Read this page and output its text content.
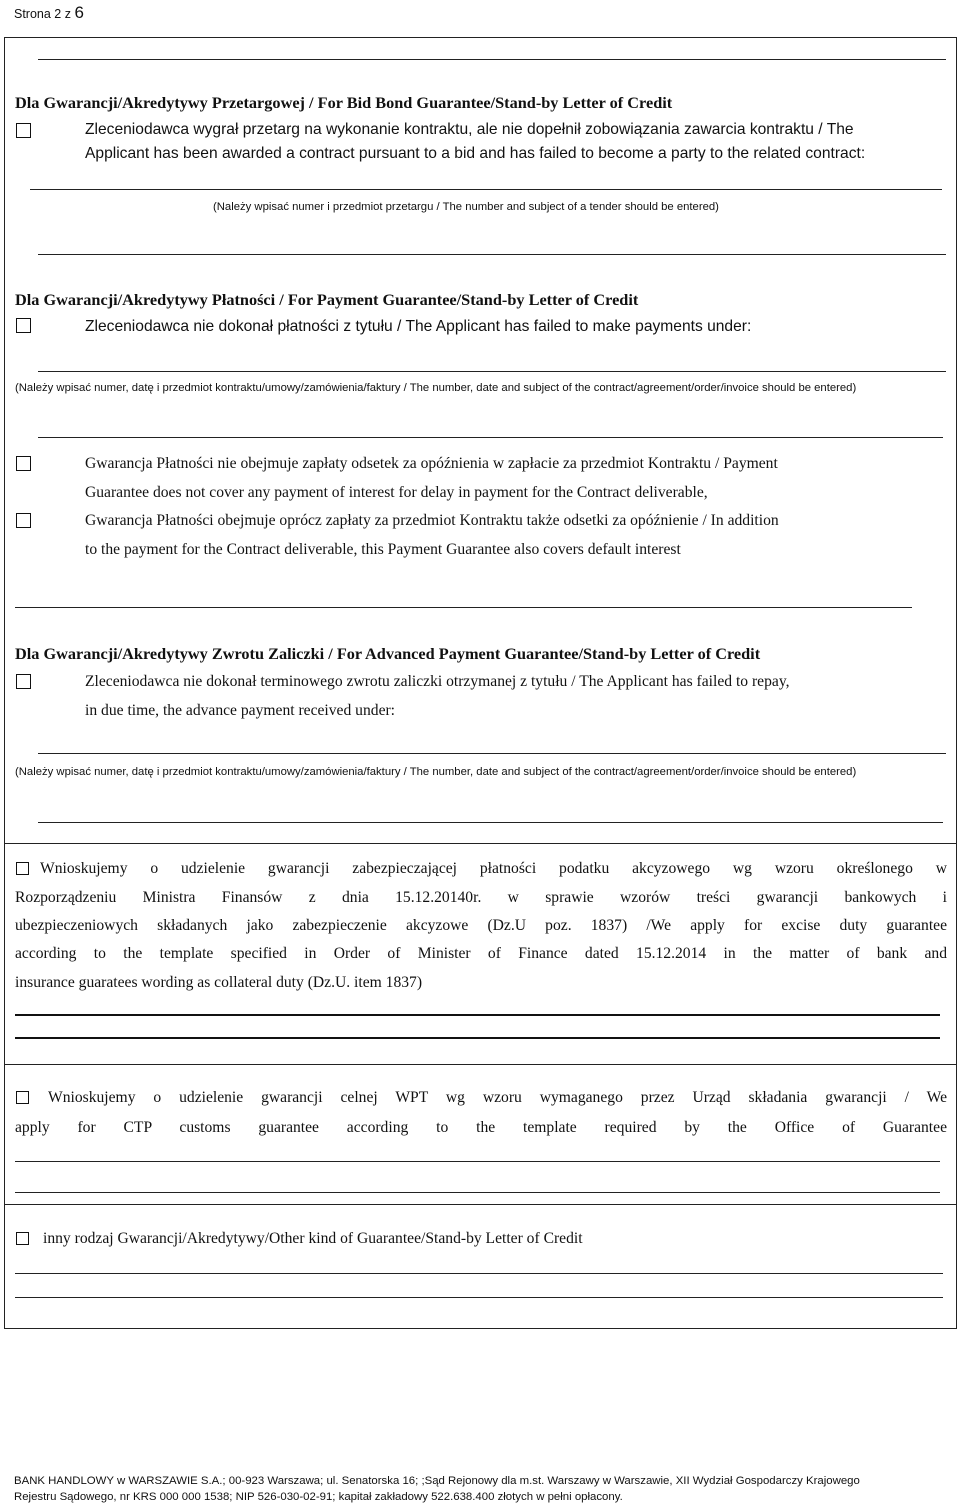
Strona 2 z 6
Dla Gwarancji/Akredytywy Przetargowej / For Bid Bond Guarantee/Stand-by Letter of Credit
Zleceniodawca wygrał przetarg na wykonanie kontraktu, ale nie dopełnił zobowiązania zawarcia kontraktu / The
Applicant has been awarded a contract pursuant to a bid and has failed to become a party to the related contract:
(Należy wpisać numer i przedmiot przetargu / The number and subject of a tender should be entered)
Dla Gwarancji/Akredytywy Płatności / For Payment Guarantee/Stand-by Letter of Credit
Zleceniodawca nie dokonał płatności z tytułu / The Applicant has failed to make payments under:
(Należy wpisać numer, datę i przedmiot kontraktu/umowy/zamówienia/faktury / The number, date and subject of the contract/agreement/order/invoice should be entered)
Gwarancja Płatności nie obejmuje zapłaty odsetek za opóźnienia w zapłacie za przedmiot Kontraktu / Payment
Guarantee does not cover any payment of interest for delay in payment for the Contract deliverable,
Gwarancja Płatności obejmuje oprócz zapłaty za przedmiot Kontraktu także odsetki za opóźnienie / In addition
to the payment for the Contract deliverable, this Payment Guarantee also covers default interest
Dla Gwarancji/Akredytywy Zwrotu Zaliczki / For Advanced Payment Guarantee/Stand-by Letter of Credit
Zleceniodawca nie dokonał terminowego zwrotu zaliczki otrzymanej z tytułu / The Applicant has failed to repay,
in due time, the advance payment received under:
(Należy wpisać numer, datę i przedmiot kontraktu/umowy/zamówienia/faktury / The number, date and subject of the contract/agreement/order/invoice should be entered)
Wnioskujemy o udzielenie gwarancji zabezpieczającej płatności podatku akcyzowego wg wzoru określonego w
Rozporządzeniu Ministra Finansów z dnia 15.12.20140r. w sprawie wzorów treści gwarancji bankowych i
ubezpieczeniowych składanych jako zabezpieczenie akcyzowe (Dz.U poz. 1837) /We apply for excise duty guarantee
according to the template specified in Order of Minister of Finance dated 15.12.2014 in the matter of bank and
insurance guaratees wording as collateral duty (Dz.U. item 1837)
Wnioskujemy o udzielenie gwarancji celnej WPT wg wzoru wymaganego przez Urząd składania gwarancji / We
apply for CTP customs guarantee according to the template required by the Office of Guarantee
inny rodzaj Gwarancji/Akredytywy/Other kind of Guarantee/Stand-by Letter of Credit
BANK HANDLOWY w WARSZAWIE S.A.; 00-923 Warszawa; ul. Senatorska 16; ;Sąd Rejonowy dla m.st. Warszawy w Warszawie, XII Wydział Gospodarczy Krajowego
Rejestru Sądowego, nr KRS 000 000 1538; NIP 526-030-02-91; kapitał zakładowy 522.638.400 złotych w pełni opłacony.
